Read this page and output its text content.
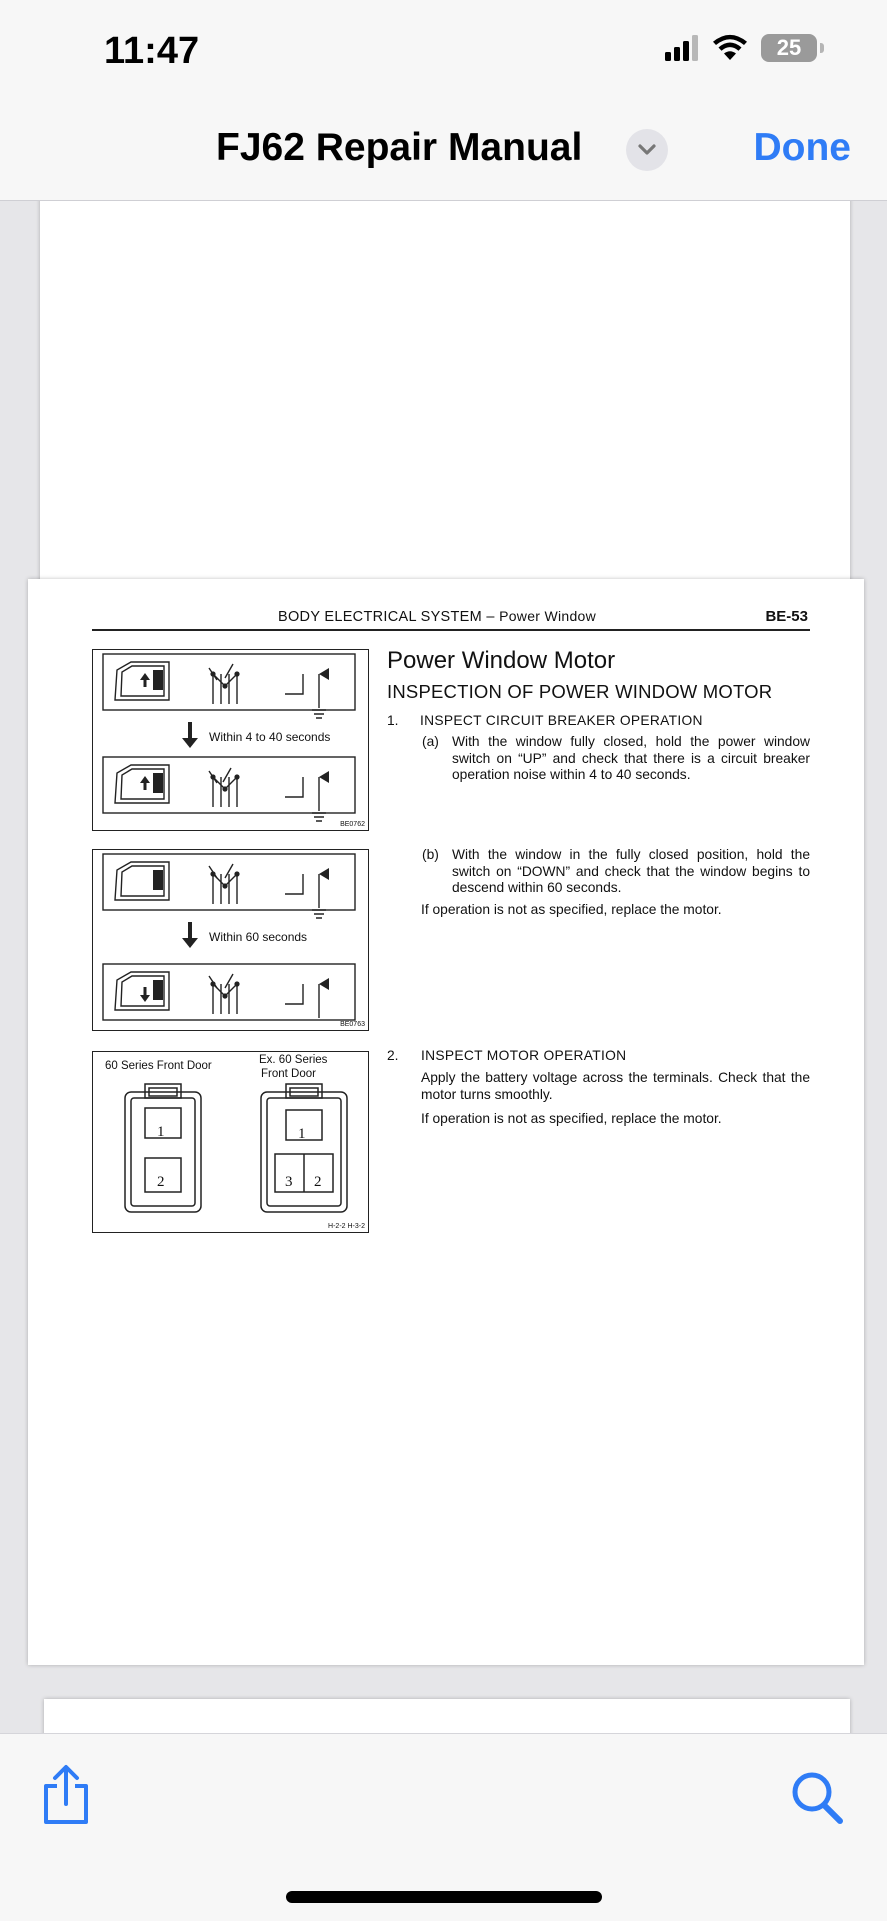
11:47	25
FJ62 Repair Manual	Done
BODY ELECTRICAL SYSTEM – Power Window	BE-53
Within 4 to 40 seconds
BE0762
Within 60 seconds
BE0763
60 Series Front Door	Ex. 60 Series
Front Door
1
2
1
3 2
H-2-2 H-3-2
Power Window Motor
INSPECTION OF POWER WINDOW MOTOR
1. INSPECT CIRCUIT BREAKER OPERATION
(a) With the window fully closed, hold the power window switch on “UP” and check that there is a circuit breaker operation noise within 4 to 40 seconds.
(b) With the window in the fully closed position, hold the switch on “DOWN” and check that the window begins to descend within 60 seconds.
If operation is not as specified, replace the motor.
2. INSPECT MOTOR OPERATION
Apply the battery voltage across the terminals. Check that the motor turns smoothly.
If operation is not as specified, replace the motor.
